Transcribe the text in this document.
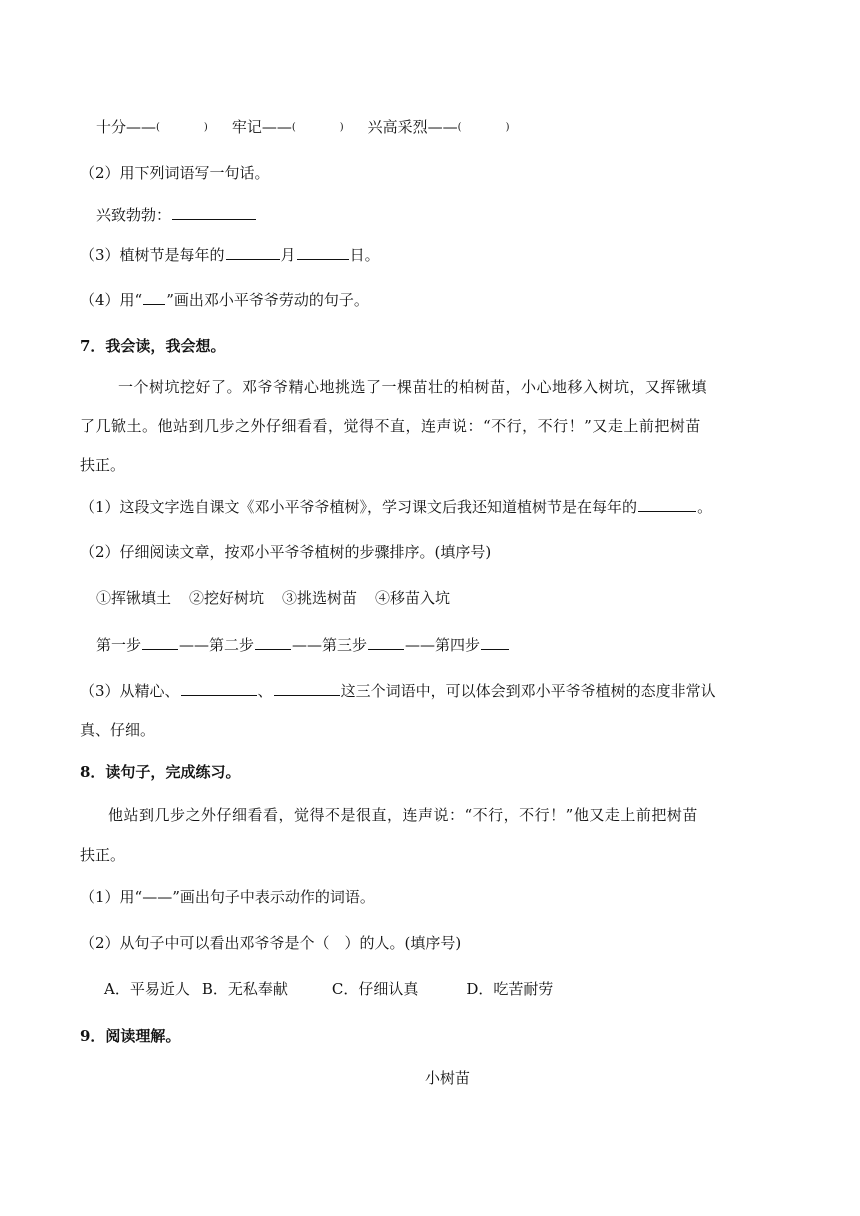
十分——(	) 牢记——(	) 兴高采烈——(	)
（2）用下列词语写一句话。
兴致勃勃：
（3）植树节是每年的	月	日。
（4）用“ ”画出邓小平爷爷劳动的句子。
7．我会读，我会想。
一个树坑挖好了。邓爷爷精心地挑选了一棵苗壮的柏树苗，小心地移入树坑，又挥锹填
了几锨土。他站到几步之外仔细看看，觉得不直，连声说：“不行，不行！”又走上前把树苗
扶正。
（1）这段文字选自课文《邓小平爷爷植树》，学习课文后我还知道植树节是在每年的	。
（2）仔细阅读文章，按邓小平爷爷植树的步骤排序。(填序号)
①挥锹填土 ②挖好树坑 ③挑选树苗 ④移苗入坑
第一步	——第二步	——第三步	——第四步
（3）从精心、	、	这三个词语中，可以体会到邓小平爷爷植树的态度非常认
真、仔细。
8．读句子，完成练习。
他站到几步之外仔细看看，觉得不是很直，连声说：“不行，不行！”他又走上前把树苗
扶正。
（1）用“——”画出句子中表示动作的词语。
（2）从句子中可以看出邓爷爷是个（　）的人。(填序号)
A．平易近人 B．无私奉献	C．仔细认真	D．吃苦耐劳
9．阅读理解。
小树苗
